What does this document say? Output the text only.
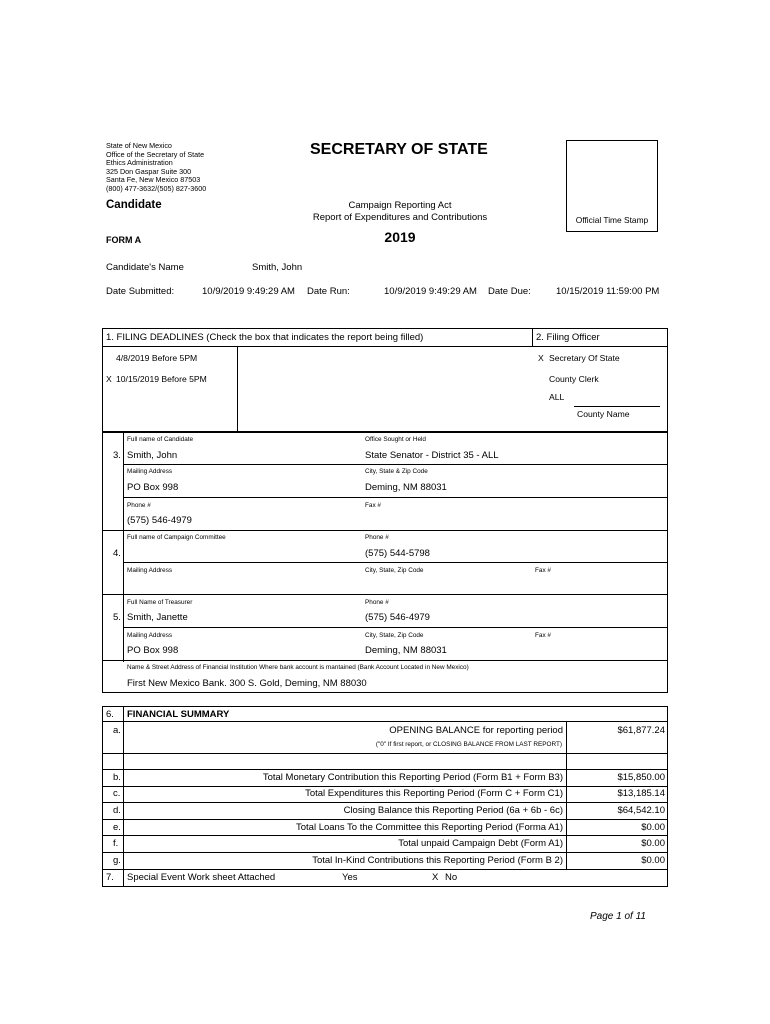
State of New Mexico
Office of the Secretary of State
Ethics Administration
325 Don Gaspar Suite 300
Santa Fe, New Mexico 87503
(800) 477-3632/(505) 827-3600
SECRETARY OF STATE
Official Time Stamp
Candidate	Campaign Reporting Act
Report of Expenditures and Contributions
2019
FORM A
Candidate's Name	Smith, John
Date Submitted:	10/9/2019 9:49:29 AM Date Run:	10/9/2019 9:49:29 AM Date Due:	10/15/2019 11:59:00 PM
1. FILING DEADLINES (Check the box that indicates the report being filled)	2. Filing Officer
4/8/2019 Before 5PM
X 10/15/2019 Before 5PM
X Secretary Of State
County Clerk
ALL
County Name
Full name of Candidate	Office Sought or Held
3. Smith, John	State Senator - District 35 - ALL
Mailing Address	City, State & Zip Code
PO Box 998	Deming, NM 88031
Phone #	Fax #
(575) 546-4979
Full name of Campaign Committee	Phone #
4.	(575) 544-5798
Mailing Address	City, State, Zip Code	Fax #
Full Name of Treasurer	Phone #
5. Smith, Janette	(575) 546-4979
Mailing Address	City, State, Zip Code	Fax #
PO Box 998	Deming, NM 88031
Name & Street Address of Financial Institution Where bank account is mantained (Bank Account Located in New Mexico)
First New Mexico Bank. 300 S. Gold, Deming, NM 88030
6. FINANCIAL SUMMARY
a.	OPENING BALANCE for reporting period	$61,877.24
("0" If first report, or CLOSING BALANCE FROM LAST REPORT)
b.	Total Monetary Contribution this Reporting Period (Form B1 + Form B3)	$15,850.00
c.	Total Expenditures this Reporting Period (Form C + Form C1)	$13,185.14
d.	Closing Balance this Reporting Period (6a + 6b - 6c)	$64,542.10
e.	Total Loans To the Committee this Reporting Period (Forma A1)	$0.00
f.	Total unpaid Campaign Debt (Form A1)	$0.00
g.	Total In-Kind Contributions this Reporting Period (Form B 2)	$0.00
7. Special Event Work sheet Attached	Yes	X No
Page 1 of 11
